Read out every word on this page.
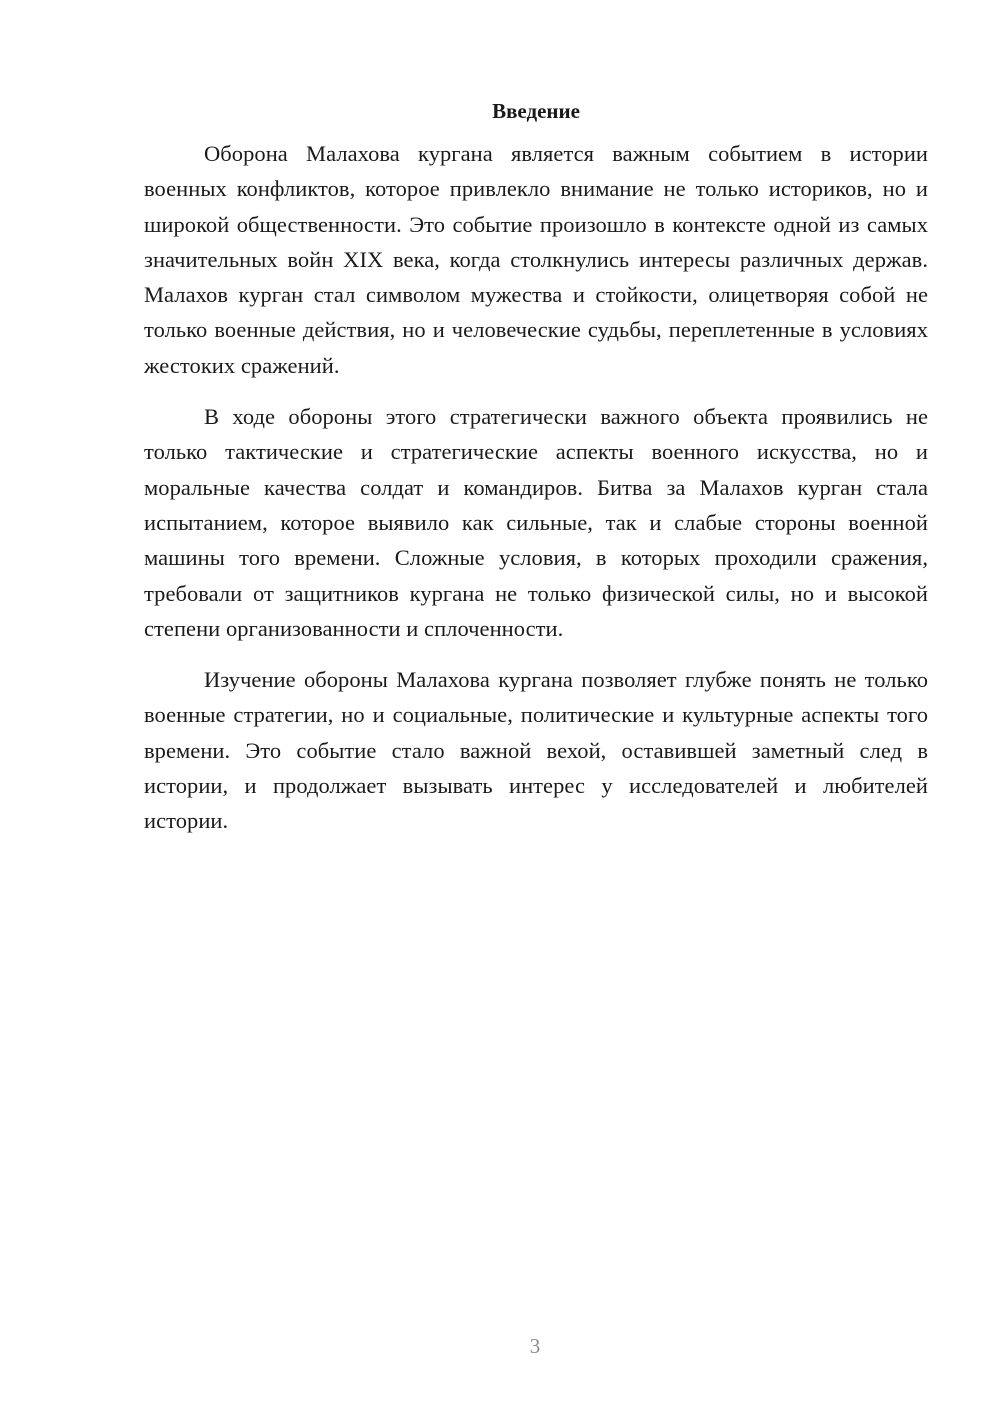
Введение

Оборона Малахова кургана является важным событием в истории военных конфликтов, которое привлекло внимание не только историков, но и широкой общественности. Это событие произошло в контексте одной из самых значительных войн XIX века, когда столкнулись интересы различных держав. Малахов курган стал символом мужества и стойкости, олицетворяя собой не только военные действия, но и человеческие судьбы, переплетенные в условиях жестоких сражений.

В ходе обороны этого стратегически важного объекта проявились не только тактические и стратегические аспекты военного искусства, но и моральные качества солдат и командиров. Битва за Малахов курган стала испытанием, которое выявило как сильные, так и слабые стороны военной машины того времени. Сложные условия, в которых проходили сражения, требовали от защитников кургана не только физической силы, но и высокой степени организованности и сплоченности.

Изучение обороны Малахова кургана позволяет глубже понять не только военные стратегии, но и социальные, политические и культурные аспекты того времени. Это событие стало важной вехой, оставившей заметный след в истории, и продолжает вызывать интерес у исследователей и любителей истории.

3
